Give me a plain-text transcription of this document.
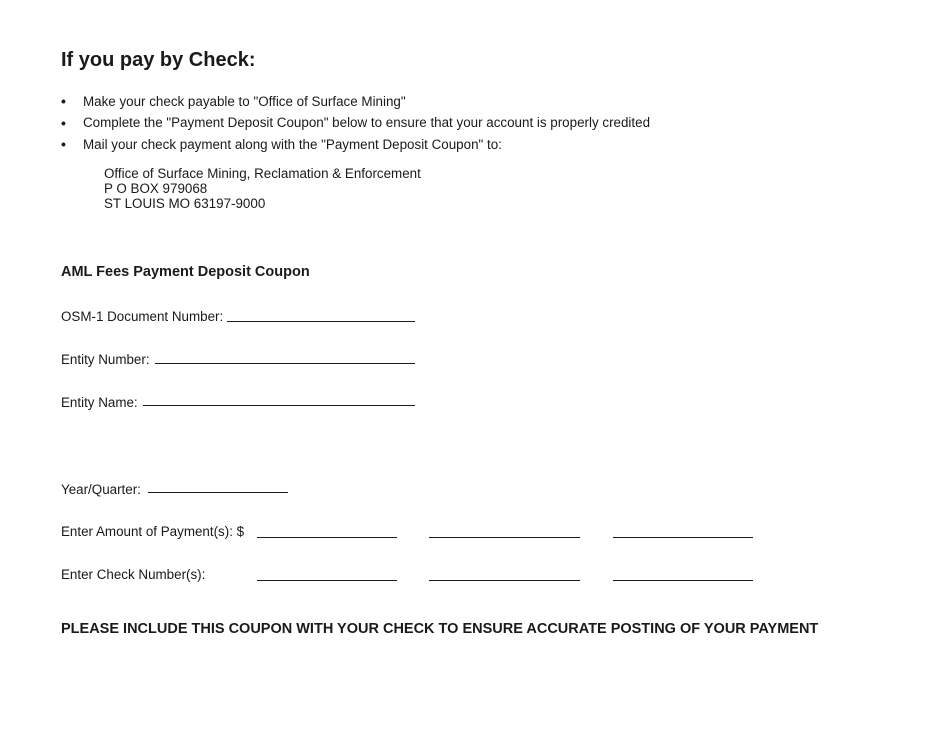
If you pay by Check:
• Make your check payable to "Office of Surface Mining"
• Complete the "Payment Deposit Coupon" below to ensure that your account is properly credited
• Mail your check payment along with the "Payment Deposit Coupon" to:
Office of Surface Mining, Reclamation & Enforcement
P O BOX 979068
ST LOUIS MO 63197-9000
AML Fees Payment Deposit Coupon
OSM-1 Document Number:
Entity Number:
Entity Name:
Year/Quarter:
Enter Amount of Payment(s): $
Enter Check Number(s):
PLEASE INCLUDE THIS COUPON WITH YOUR CHECK TO ENSURE ACCURATE POSTING OF YOUR PAYMENT
